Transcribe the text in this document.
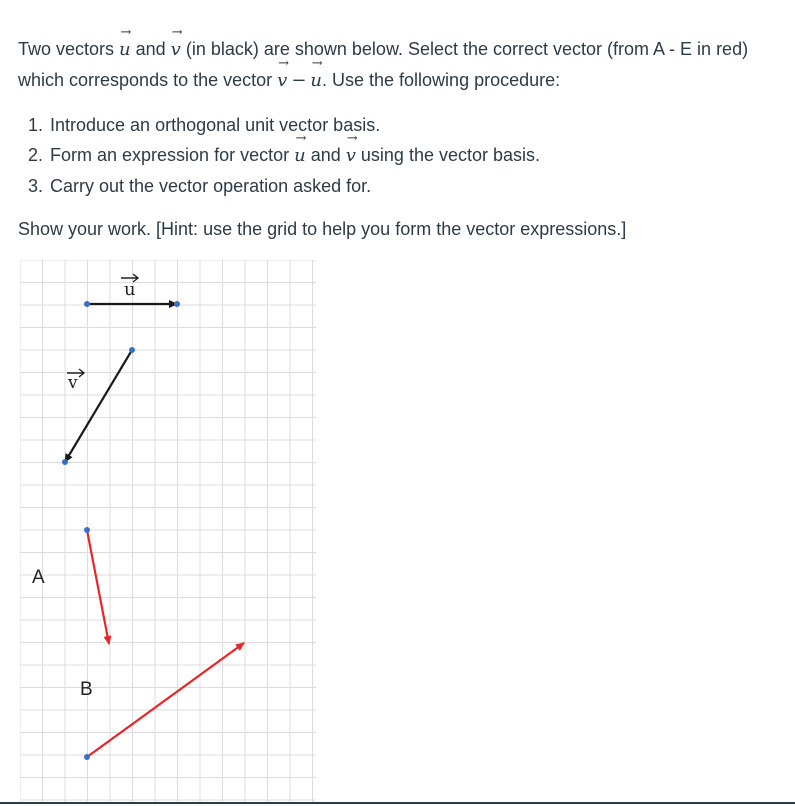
Two vectors
→
u and
→
v (in black) are shown below. Select the correct vector (from A - E in red) which corresponds to the vector
→
v −
→ u. Use the following procedure:

1. Introduce an orthogonal unit vector basis.
2. Form an expression for vector
→
u and
→
v using the vector basis.
3. Carry out the vector operation asked for.

Show your work. [Hint: use the grid to help you form the vector expressions.]

u
v
A
B
